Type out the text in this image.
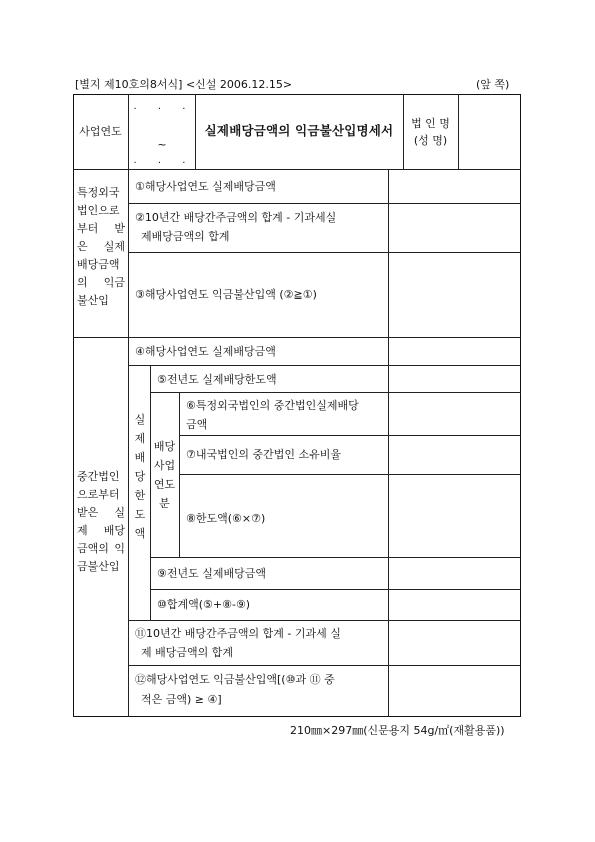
[별지 제10호의8서식] <신설 2006.12.15>	(앞 쪽)
사업연도
. . .
~
. . .
실제배당금액의 익금불산입명세서	법 인 명
(성 명)
특정외국
법인으로
부터 받
은 실제
배당금액
의 익금
불산입
①해당사업연도 실제배당금액
②10년간 배당간주금액의 합계 - 기과세실
제배당금액의 합계
③해당사업연도 익금불산입액 (②≧①)
중간법인
으로부터
받은 실
제 배당
금액의 익
금불산입
실제배당한도액
배당
사업
연도
분
④해당사업연도 실제배당금액
⑤전년도 실제배당한도액
⑥특정외국법인의 중간법인실제배당
금액
⑦내국법인의 중간법인 소유비율
⑧한도액(⑥×⑦)
⑨전년도 실제배당금액
⑩합계액(⑤+⑧-⑨)
⑪10년간 배당간주금액의 합계 - 기과세 실
제 배당금액의 합계
⑫해당사업연도 익금불산입액[(⑩과 ⑪ 중
적은 금액) ≥ ④]
210㎜×297㎜(신문용지 54g/㎡(재활용품))
